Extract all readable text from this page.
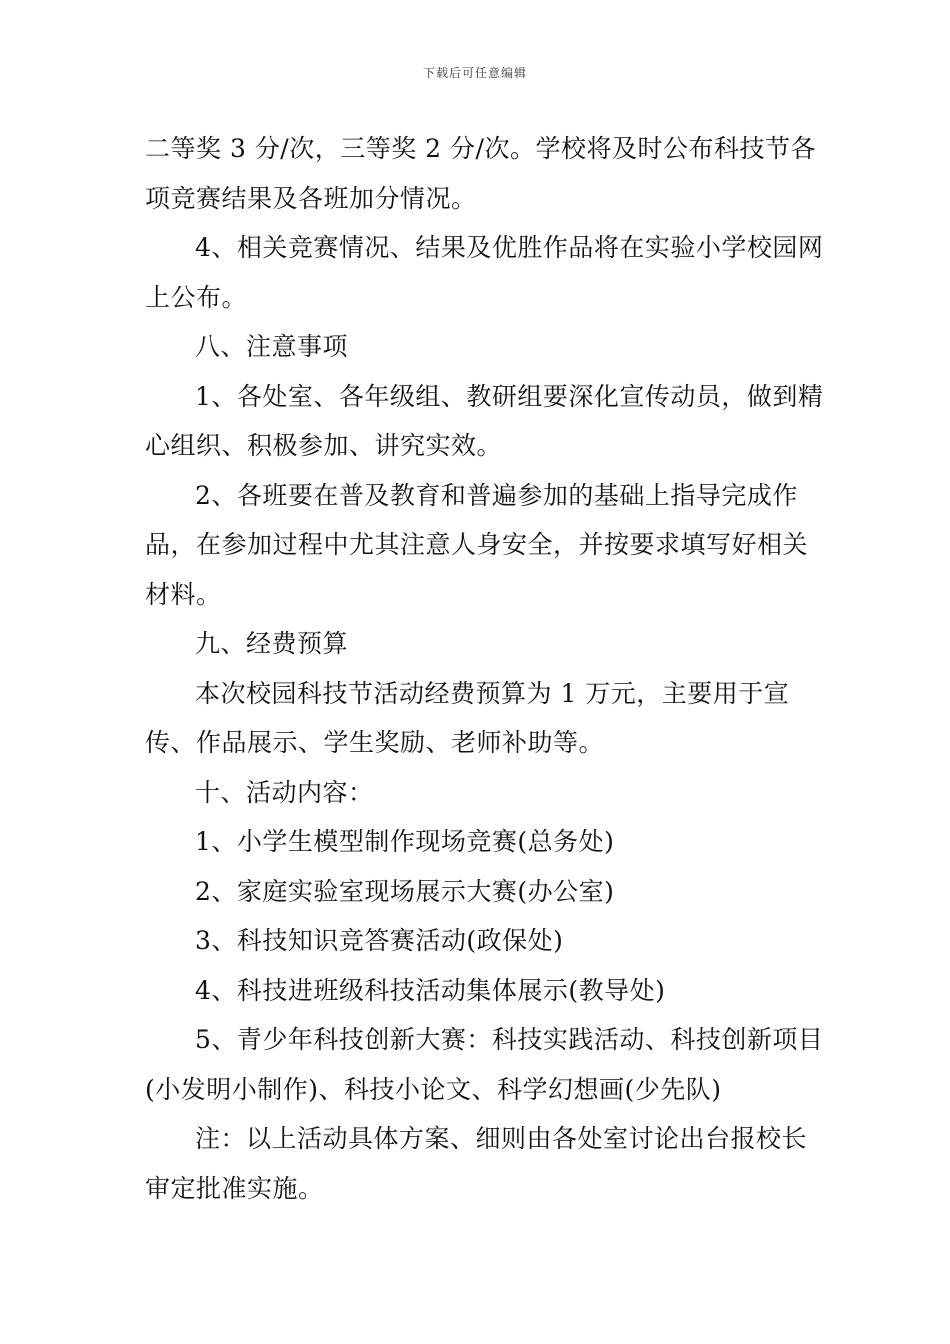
下载后可任意编辑

二等奖 3 分/次，三等奖 2 分/次。学校将及时公布科技节各项竞赛结果及各班加分情况。

4、相关竞赛情况、结果及优胜作品将在实验小学校园网上公布。

八、注意事项

1、各处室、各年级组、教研组要深化宣传动员，做到精心组织、积极参加、讲究实效。

2、各班要在普及教育和普遍参加的基础上指导完成作品，在参加过程中尤其注意人身安全，并按要求填写好相关材料。

九、经费预算

本次校园科技节活动经费预算为 1 万元，主要用于宣传、作品展示、学生奖励、老师补助等。

十、活动内容：

1、小学生模型制作现场竞赛(总务处)

2、家庭实验室现场展示大赛(办公室)

3、科技知识竞答赛活动(政保处)

4、科技进班级科技活动集体展示(教导处)

5、青少年科技创新大赛：科技实践活动、科技创新项目(小发明小制作)、科技小论文、科学幻想画(少先队)

注：以上活动具体方案、细则由各处室讨论出台报校长审定批准实施。
